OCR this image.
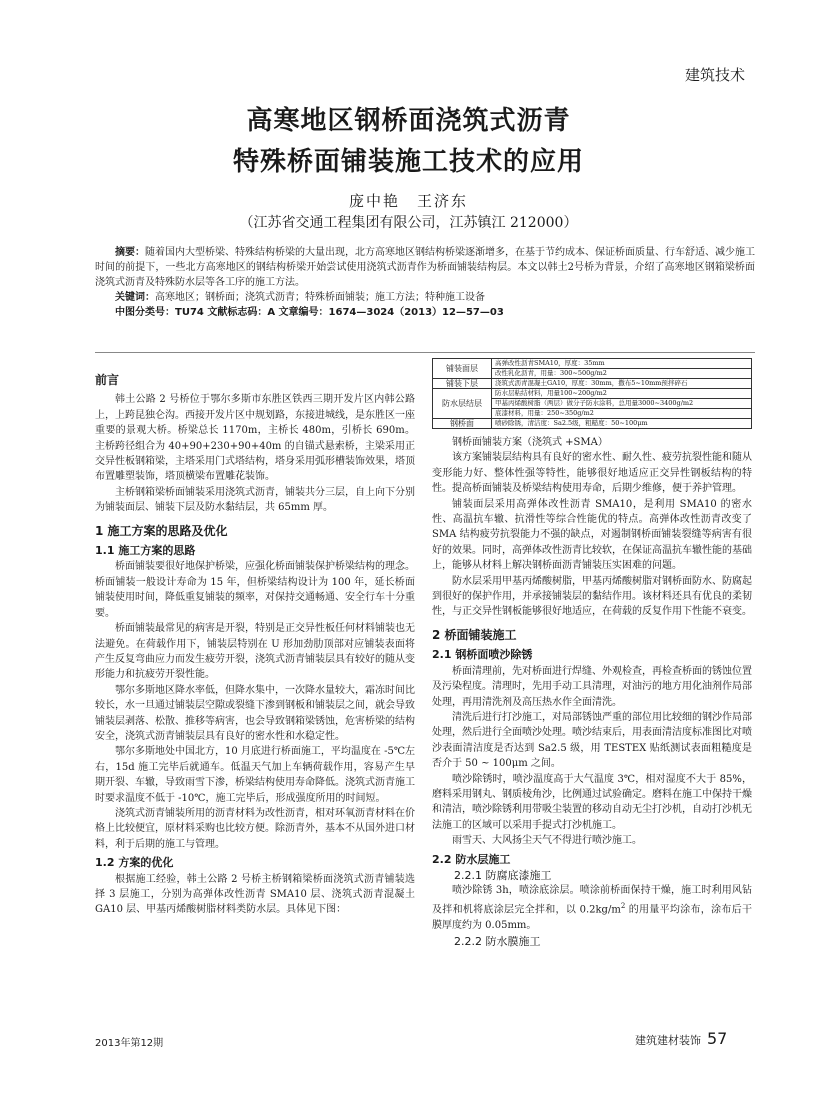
建筑技术
高寒地区钢桥面浇筑式沥青
特殊桥面铺装施工技术的应用
庞中艳　王济东
（江苏省交通工程集团有限公司，江苏镇江 212000）

摘要：随着国内大型桥梁、特殊结构桥梁的大量出现，北方高寒地区钢结构桥梁逐渐增多，在基于节约成本、保证桥面质量、行车舒适、减少施工时间的前提下，一些北方高寒地区的钢结构桥梁开始尝试使用浇筑式沥青作为桥面铺装结构层。本文以韩土2号桥为背景，介绍了高寒地区钢箱梁桥面浇筑式沥青及特殊防水层等各工序的施工方法。

关键词：高寒地区；钢桥面；浇筑式沥青；特殊桥面铺装；施工方法；特种施工设备

中图分类号：TU74 文献标志码：A 文章编号：1674—3024（2013）12—57—03

前言

韩土公路 2 号桥位于鄂尔多斯市东胜区铁西三期开发片区内韩公路上，上跨昆独仑沟。西接开发片区中规划路，东接进城线，是东胜区一座重要的景观大桥。桥梁总长 1170m，主桥长 480m，引桥长 690m。主桥跨径组合为 40+90+230+90+40m 的自锚式悬索桥，主梁采用正交异性板钢箱梁，主塔采用门式塔结构，塔身采用弧形槽装饰效果，塔顶布置雕塑装饰，塔顶横梁布置雕花装饰。

主桥钢箱梁桥面铺装采用浇筑式沥青，铺装共分三层，自上向下分别为铺装面层、铺装下层及防水黏结层，共 65mm 厚。

1 施工方案的思路及优化

1.1 施工方案的思路

桥面铺装要很好地保护桥梁，应强化桥面铺装保护桥梁结构的理念。桥面铺装一般设计寿命为 15 年，但桥梁结构设计为 100 年，延长桥面铺装使用时间，降低重复铺装的频率，对保持交通畅通、安全行车十分重要。

桥面铺装最常见的病害是开裂，特别是正交异性板任何材料铺装也无法避免。在荷载作用下，铺装层特别在 U 形加劲肋顶部对应铺装表面将产生反复弯曲应力而发生疲劳开裂，浇筑式沥青铺装层具有较好的随从变形能力和抗疲劳开裂性能。

鄂尔多斯地区降水率低，但降水集中，一次降水量较大，霜冻时间比较长，水一旦通过铺装层空隙或裂缝下渗到钢板和铺装层之间，就会导致铺装层剥落、松散、推移等病害，也会导致钢箱梁锈蚀，危害桥梁的结构安全，浇筑式沥青铺装层具有良好的密水性和水稳定性。

鄂尔多斯地处中国北方，10 月底进行桥面施工，平均温度在 -5℃左右，15d 施工完毕后就通车。低温天气加上车辆荷载作用，容易产生早期开裂、车辙，导致雨雪下渗，桥梁结构使用寿命降低。浇筑式沥青施工时要求温度不低于 -10℃，施工完毕后，形成强度所用的时间短。

浇筑式沥青铺装所用的沥青材料为改性沥青，相对环氧沥青材料在价格上比较便宜，原材料采购也比较方便。除沥青外，基本不从国外进口材料，利于后期的施工与管理。

1.2 方案的优化

根据施工经验，韩土公路 2 号桥主桥钢箱梁桥面浇筑式沥青铺装选择 3 层施工，分别为高弹体改性沥青 SMA10 层、浇筑式沥青混凝土 GA10 层、甲基丙烯酸树脂材料类防水层。具体见下图：

铺装面层	高弹改性沥青SMA10，厚度：35mm
	改性乳化沥青，用量：300~500g/m2
铺装下层	浇筑式沥青混凝土GA10，厚度：30mm，撒布5~10mm预拌碎石
防水层结层	防水层粘结材料，用量100~200g/m2
	甲基丙烯酸树脂（两层）做分子防水涂料，总用量3000~3400g/m2
	底漆材料，用量：250~350g/m2
钢桥面	喷砂除锈，清洁度：Sa2.5级，粗糙度：50~100μm

钢桥面铺装方案（浇筑式 +SMA）

该方案铺装层结构具有良好的密水性、耐久性、疲劳抗裂性能和随从变形能力好、整体性强等特性，能够很好地适应正交异性钢板结构的特性。提高桥面铺装及桥梁结构使用寿命，后期少维修，便于养护管理。

铺装面层采用高弹体改性沥青 SMA10，是利用 SMA10 的密水性、高温抗车辙、抗滑性等综合性能优的特点。高弹体改性沥青改变了 SMA 结构疲劳抗裂能力不强的缺点，对遏制钢桥面铺装裂缝等病害有很好的效果。同时，高弹体改性沥青比较软，在保证高温抗车辙性能的基础上，能够从材料上解决钢桥面沥青铺装压实困难的问题。

防水层采用甲基丙烯酸树脂，甲基丙烯酸树脂对钢桥面防水、防腐起到很好的保护作用，并承接铺装层的黏结作用。该材料还具有优良的柔韧性，与正交异性钢板能够很好地适应，在荷载的反复作用下性能不衰变。

2 桥面铺装施工

2.1 钢桥面喷沙除锈

桥面清理前，先对桥面进行焊缝、外观检查，再检查桥面的锈蚀位置及污染程度。清理时，先用手动工具清理，对油污的地方用化油剂作局部处理，再用清洗剂及高压热水作全面清洗。

清洗后进行打沙施工，对局部锈蚀严重的部位用比较细的钢沙作局部处理，然后进行全面喷沙处理。喷沙结束后，用表面清洁度标准图比对喷沙表面清洁度是否达到 Sa2.5 级，用 TESTEX 贴纸测试表面粗糙度是否介于 50 ~ 100μm 之间。

喷沙除锈时，喷沙温度高于大气温度 3℃，相对湿度不大于 85%，磨料采用钢丸、钢质棱角沙，比例通过试验确定。磨料在施工中保持干燥和清洁，喷沙除锈利用带吸尘装置的移动自动无尘打沙机，自动打沙机无法施工的区域可以采用手提式打沙机施工。

雨雪天、大风扬尘天气不得进行喷沙施工。

2.2 防水层施工

2.2.1 防腐底漆施工

喷沙除锈 3h，喷涂底涂层。喷涂前桥面保持干燥，施工时利用风钻及拌和机将底涂层完全拌和，以 $0.2kg/m^2$ 的用量平均涂布，涂布后干膜厚度约为 0.05mm。

2.2.2 防水膜施工

2013年第12期	建筑建材装饰 57
